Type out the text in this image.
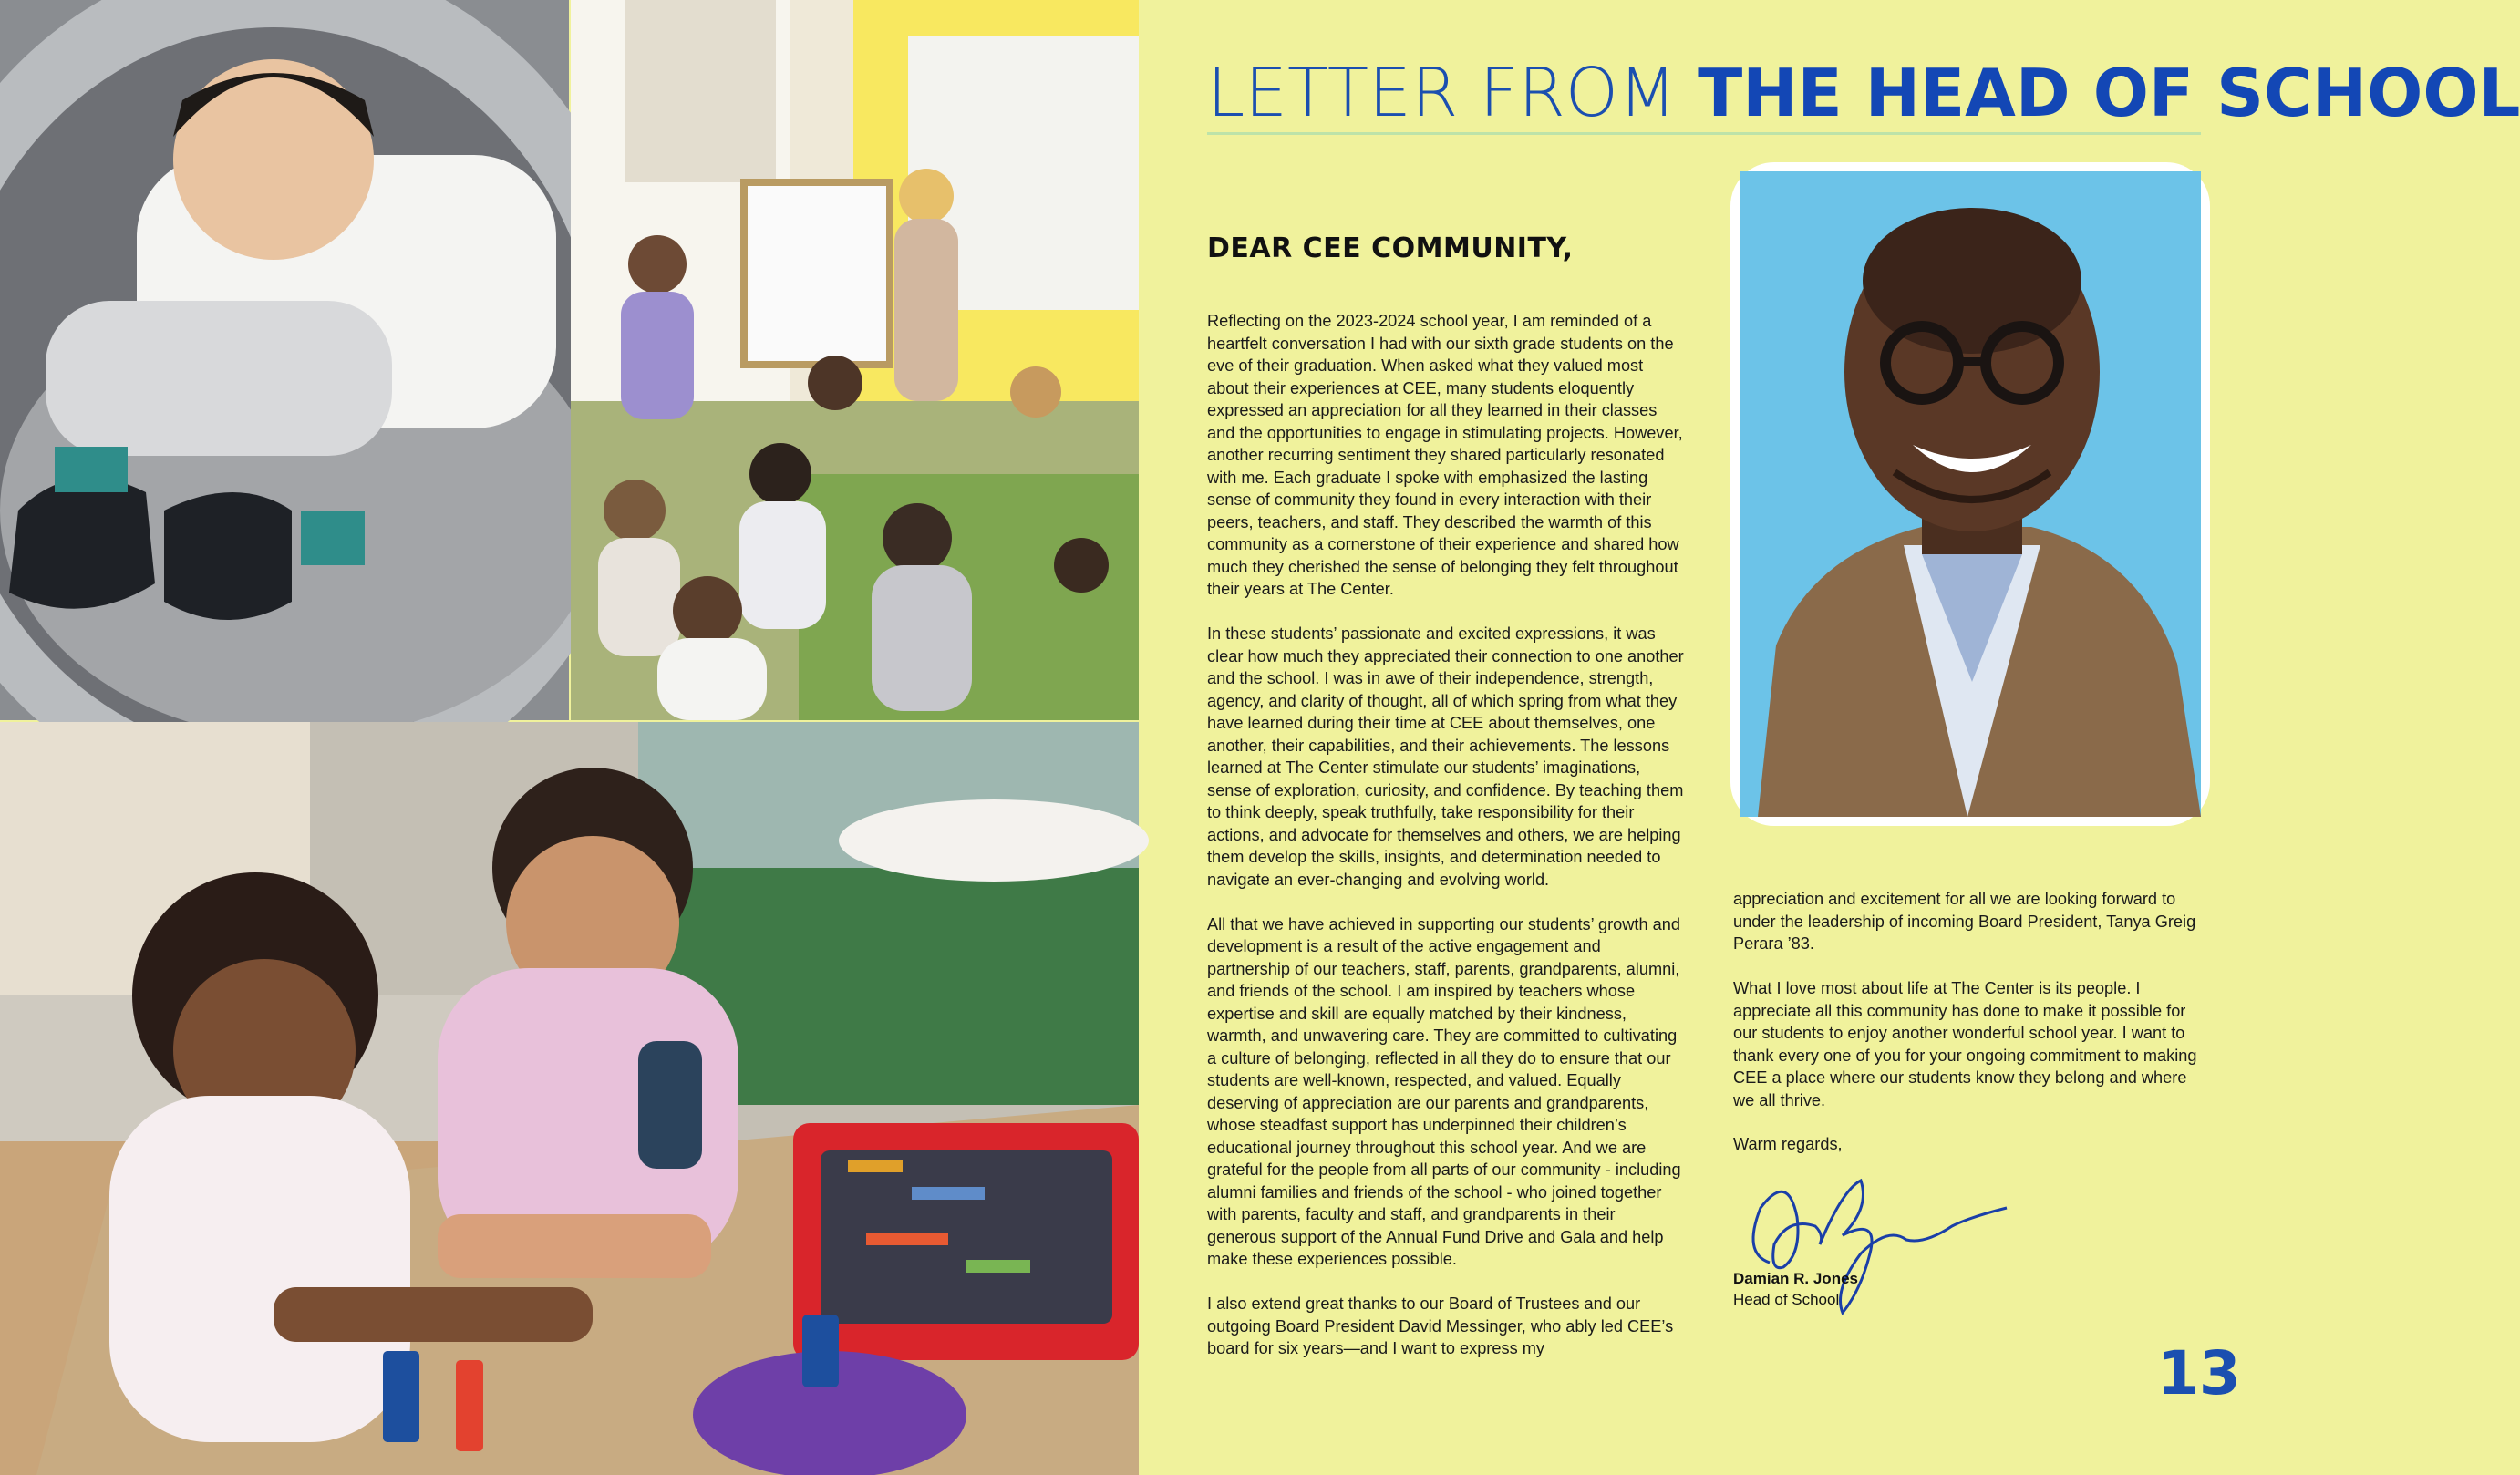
LETTER FROM THE HEAD OF SCHOOL
DEAR CEE COMMUNITY,

Reflecting on the 2023-2024 school year, I am reminded of a heartfelt conversation I had with our sixth grade students on the eve of their graduation. When asked what they valued most about their experiences at CEE, many students eloquently expressed an appreciation for all they learned in their classes and the opportunities to engage in stimulating projects. However, another recurring sentiment they shared particularly resonated with me. Each graduate I spoke with emphasized the lasting sense of community they found in every interaction with their peers, teachers, and staff. They described the warmth of this community as a cornerstone of their experience and shared how much they cherished the sense of belonging they felt throughout their years at The Center.

In these students’ passionate and excited expressions, it was clear how much they appreciated their connection to one another and the school. I was in awe of their independence, strength, agency, and clarity of thought, all of which spring from what they have learned during their time at CEE about themselves, one another, their capabilities, and their achievements. The lessons learned at The Center stimulate our students’ imaginations, sense of exploration, curiosity, and confidence. By teaching them to think deeply, speak truthfully, take responsibility for their actions, and advocate for themselves and others, we are helping them develop the skills, insights, and determination needed to navigate an ever-changing and evolving world.

All that we have achieved in supporting our students’ growth and development is a result of the active engagement and partnership of our teachers, staff, parents, grandparents, alumni, and friends of the school. I am inspired by teachers whose expertise and skill are equally matched by their kindness, warmth, and unwavering care. They are committed to cultivating a culture of belonging, reflected in all they do to ensure that our students are well-known, respected, and valued. Equally deserving of appreciation are our parents and grandparents, whose steadfast support has underpinned their children’s educational journey throughout this school year. And we are grateful for the people from all parts of our community - including alumni families and friends of the school - who joined together with parents, faculty and staff, and grandparents in their generous support of the Annual Fund Drive and Gala and help make these experiences possible.

I also extend great thanks to our Board of Trustees and our outgoing Board President David Messinger, who ably led CEE’s board for six years—and I want to express my

appreciation and excitement for all we are looking forward to under the leadership of incoming Board President, Tanya Greig Perara ’83.

What I love most about life at The Center is its people. I appreciate all this community has done to make it possible for our students to enjoy another wonderful school year. I want to thank every one of you for your ongoing commitment to making CEE a place where our students know they belong and where we all thrive.

Warm regards,
Damian R. Jones
Head of School
13
